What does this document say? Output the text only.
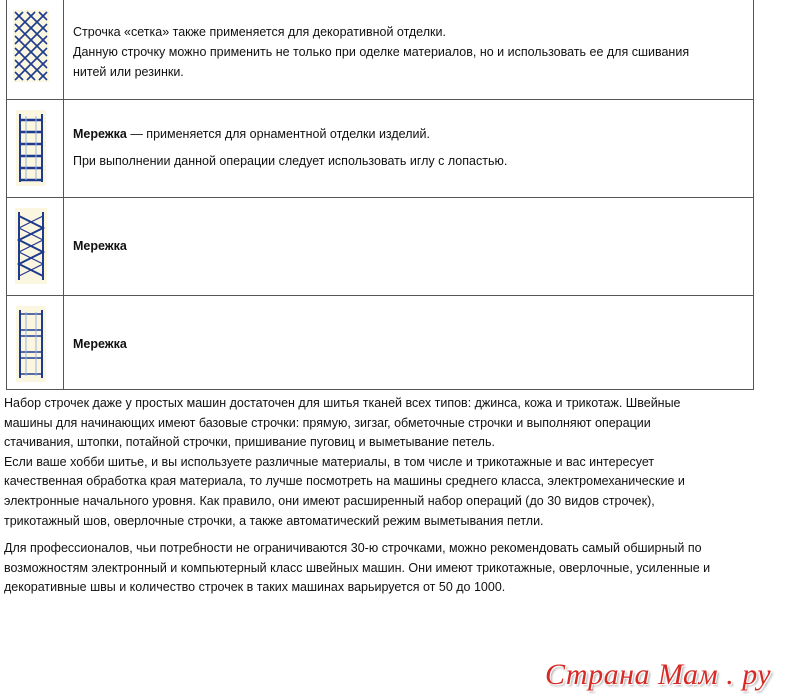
Строчка «сетка» также применяется для декоративной отделки.

Данную строчку можно применить не только при оделке материалов, но и использовать ее для сшивания

нитей или резинки.

Мережка — применяется для орнаментной отделки изделий.

При выполнении данной операции следует использовать иглу с лопастью.

Мережка

Мережка

Набор строчек даже у простых машин достаточен для шитья тканей всех типов: джинса, кожа и трикотаж. Швейные

машины для начинающих имеют базовые строчки: прямую, зигзаг, обметочные строчки и выполняют операции

стачивания, штопки, потайной строчки, пришивание пуговиц и выметывание петель.

Если ваше хобби шитье, и вы используете различные материалы, в том числе и трикотажные и вас интересует

качественная обработка края материала, то лучше посмотреть на машины среднего класса, электромеханические и

электронные начального уровня. Как правило, они имеют расширенный набор операций (до 30 видов строчек),

трикотажный шов, оверлочные строчки, а также автоматический режим выметывания петли.

Для профессионалов, чьи потребности не ограничиваются 30-ю строчками, можно рекомендовать самый обширный по

возможностям электронный и компьютерный класс швейных машин. Они имеют трикотажные, оверлочные, усиленные и

декоративные швы и количество строчек в таких машинах варьируется от 50 до 1000.

Страна Мам . ру
